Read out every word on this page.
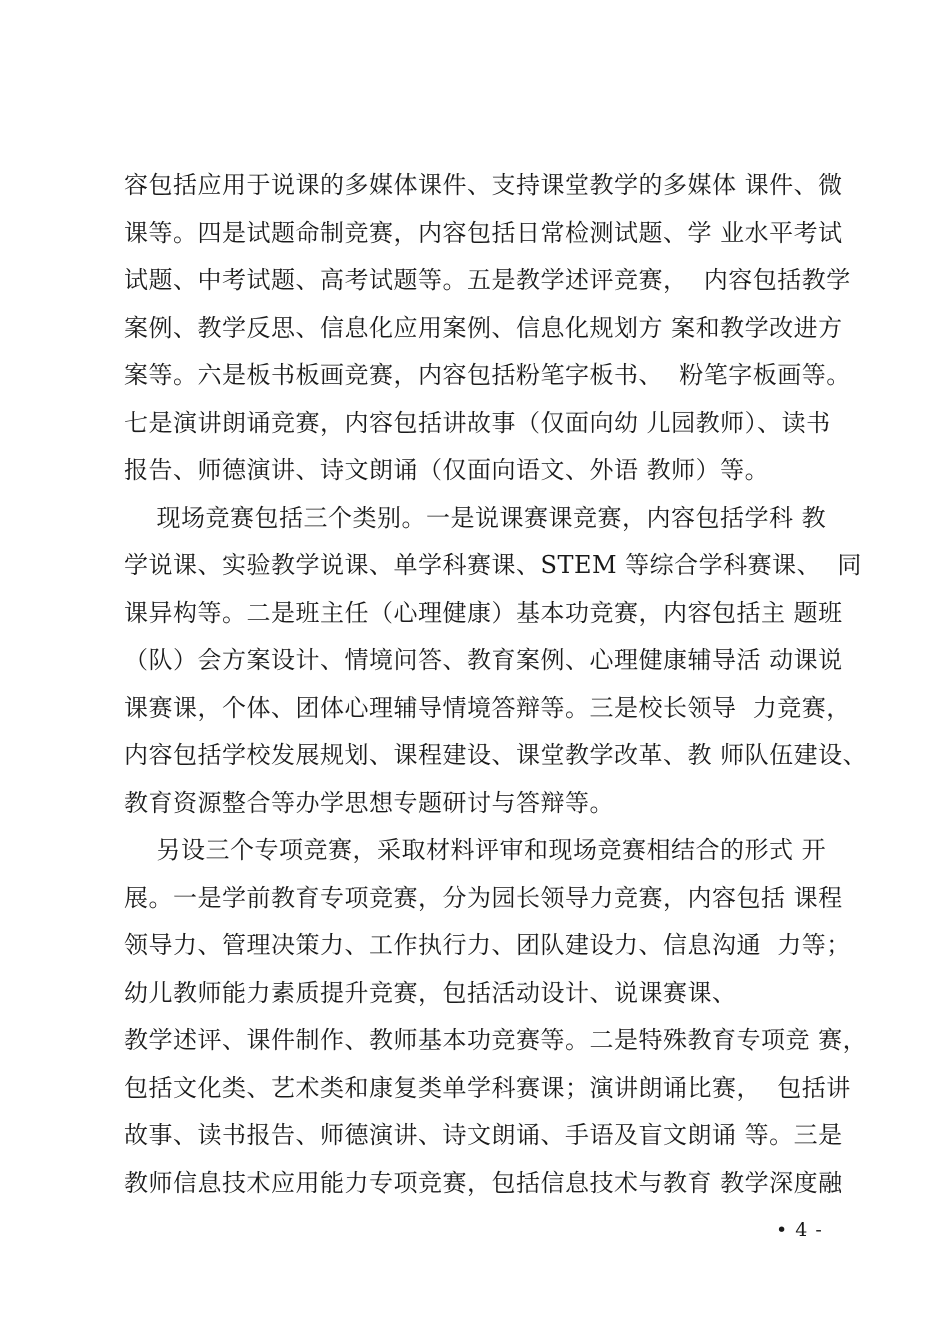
容包括应用于说课的多媒体课件、支持课堂教学的多媒体 课件、微
课等。四是试题命制竞赛，内容包括日常检测试题、学 业水平考试
试题、中考试题、高考试题等。五是教学述评竞赛，  内容包括教学
案例、教学反思、信息化应用案例、信息化规划方 案和教学改进方
案等。六是板书板画竞赛，内容包括粉笔字板书、  粉笔字板画等。
七是演讲朗诵竞赛，内容包括讲故事（仅面向幼 儿园教师）、读书
报告、师德演讲、诗文朗诵（仅面向语文、外语 教师）等。
现场竞赛包括三个类别。一是说课赛课竞赛，内容包括学科 教
学说课、实验教学说课、单学科赛课、STEM 等综合学科赛课、  同
课异构等。二是班主任（心理健康）基本功竞赛，内容包括主 题班
（队）会方案设计、情境问答、教育案例、心理健康辅导活 动课说
课赛课，个体、团体心理辅导情境答辩等。三是校长领导  力竞赛，
内容包括学校发展规划、课程建设、课堂教学改革、教 师队伍建设、
教育资源整合等办学思想专题研讨与答辩等。
另设三个专项竞赛，采取材料评审和现场竞赛相结合的形式 开
展。一是学前教育专项竞赛，分为园长领导力竞赛，内容包括 课程
领导力、管理决策力、工作执行力、团队建设力、信息沟通  力等；
幼儿教师能力素质提升竞赛，包括活动设计、说课赛课、
教学述评、课件制作、教师基本功竞赛等。二是特殊教育专项竞 赛，
包括文化类、艺术类和康复类单学科赛课；演讲朗诵比赛，  包括讲
故事、读书报告、师德演讲、诗文朗诵、手语及盲文朗诵 等。三是
教师信息技术应用能力专项竞赛，包括信息技术与教育 教学深度融
• 4 -
